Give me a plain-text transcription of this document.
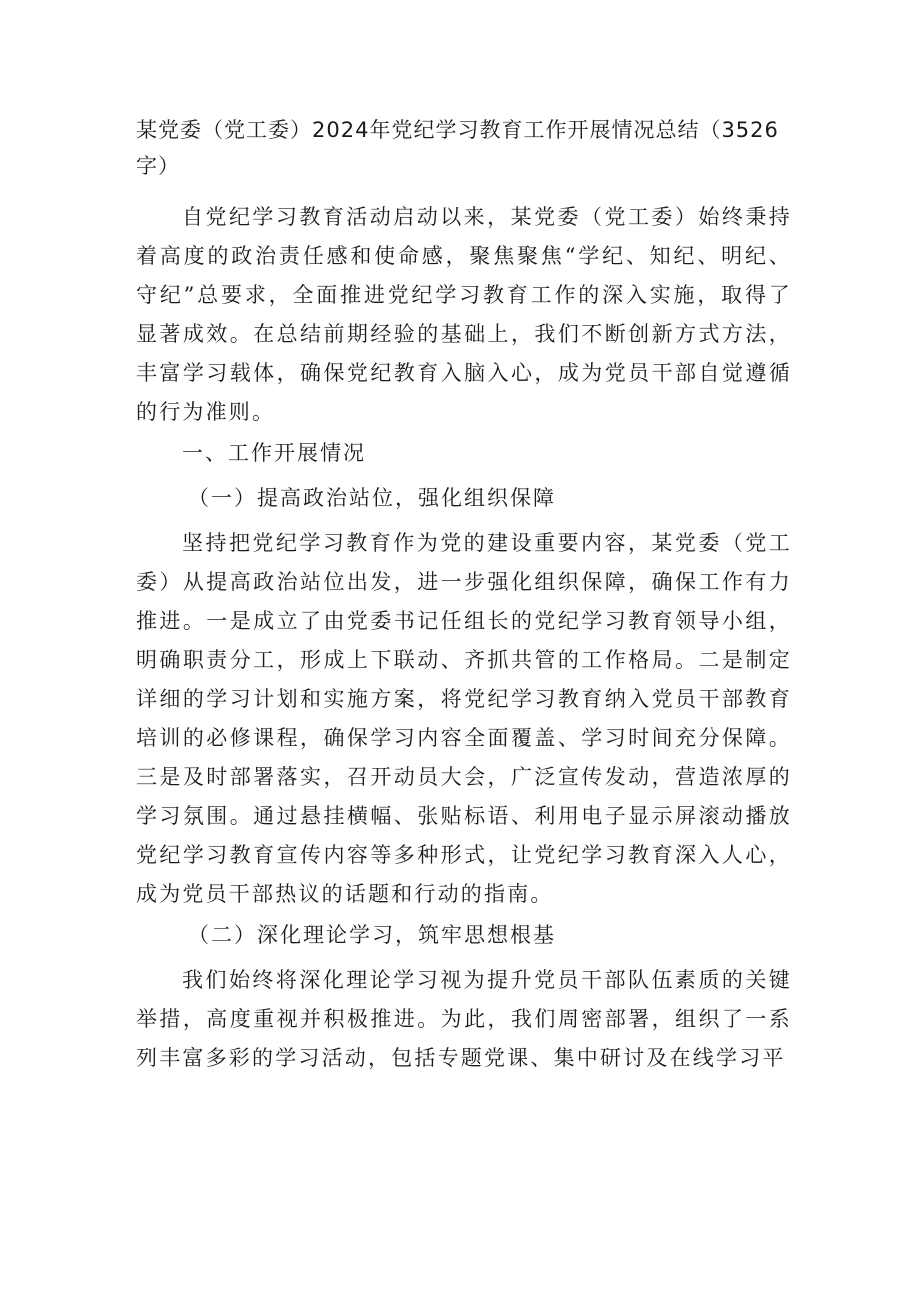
某党委（党工委）2024年党纪学习教育工作开展情况总结（3526字）

自党纪学习教育活动启动以来，某党委（党工委）始终秉持着高度的政治责任感和使命感，聚焦聚焦“学纪、知纪、明纪、守纪”总要求，全面推进党纪学习教育工作的深入实施，取得了显著成效。在总结前期经验的基础上，我们不断创新方式方法，丰富学习载体，确保党纪教育入脑入心，成为党员干部自觉遵循的行为准则。

一、工作开展情况

（一）提高政治站位，强化组织保障

坚持把党纪学习教育作为党的建设重要内容，某党委（党工委）从提高政治站位出发，进一步强化组织保障，确保工作有力推进。一是成立了由党委书记任组长的党纪学习教育领导小组，明确职责分工，形成上下联动、齐抓共管的工作格局。二是制定详细的学习计划和实施方案，将党纪学习教育纳入党员干部教育培训的必修课程，确保学习内容全面覆盖、学习时间充分保障。三是及时部署落实，召开动员大会，广泛宣传发动，营造浓厚的学习氛围。通过悬挂横幅、张贴标语、利用电子显示屏滚动播放党纪学习教育宣传内容等多种形式，让党纪学习教育深入人心，成为党员干部热议的话题和行动的指南。

（二）深化理论学习，筑牢思想根基

我们始终将深化理论学习视为提升党员干部队伍素质的关键举措，高度重视并积极推进。为此，我们周密部署，组织了一系列丰富多彩的学习活动，包括专题党课、集中研讨及在线学习平
